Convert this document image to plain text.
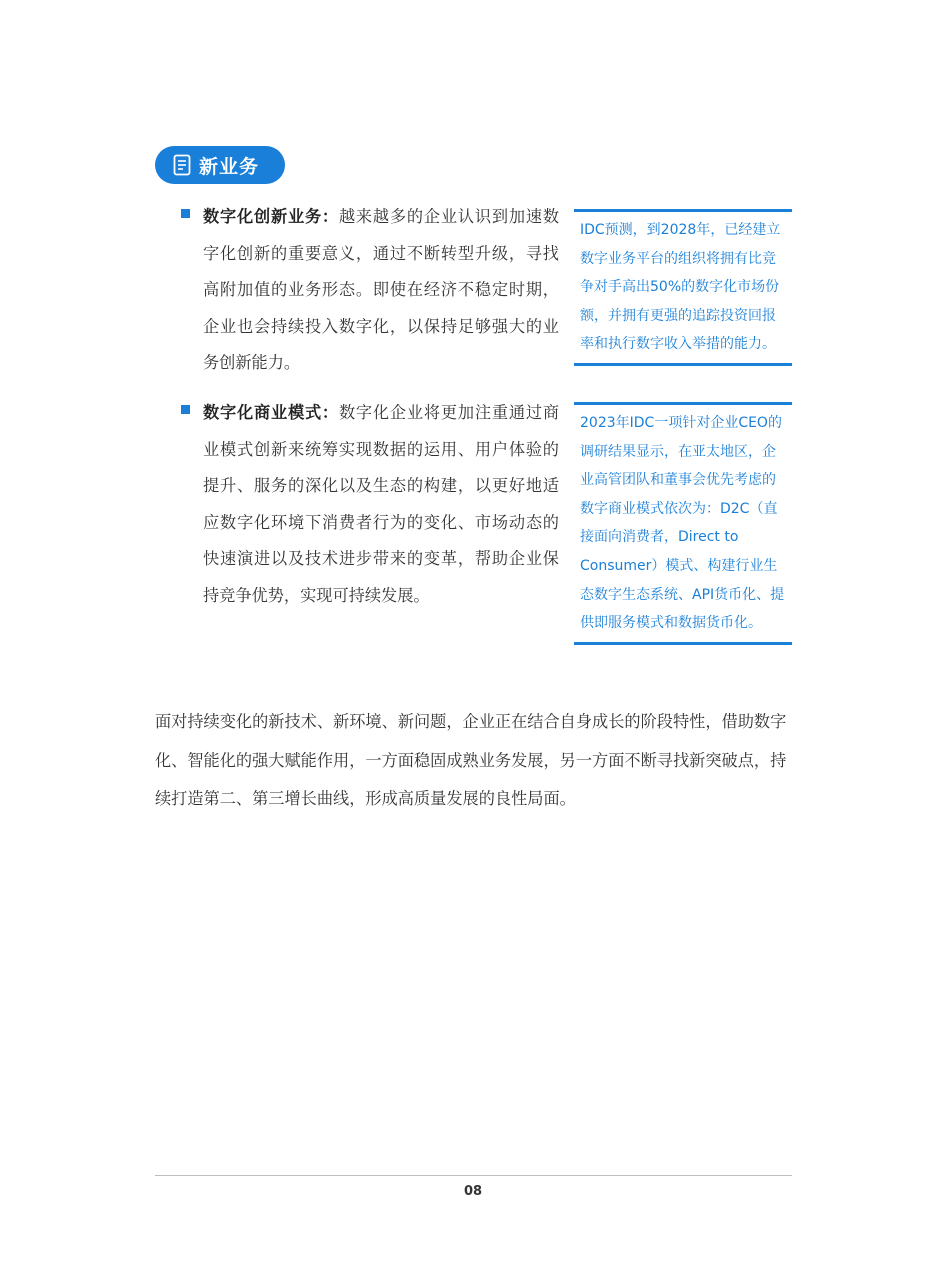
新业务
数字化创新业务：越来越多的企业认识到加速数字化创新的重要意义，通过不断转型升级，寻找高附加值的业务形态。即使在经济不稳定时期，企业也会持续投入数字化，以保持足够强大的业务创新能力。
IDC预测，到2028年，已经建立数字业务平台的组织将拥有比竞争对手高出50%的数字化市场份额，并拥有更强的追踪投资回报率和执行数字收入举措的能力。
数字化商业模式：数字化企业将更加注重通过商业模式创新来统筹实现数据的运用、用户体验的提升、服务的深化以及生态的构建，以更好地适应数字化环境下消费者行为的变化、市场动态的快速演进以及技术进步带来的变革，帮助企业保持竞争优势，实现可持续发展。
2023年IDC一项针对企业CEO的调研结果显示，在亚太地区，企业高管团队和董事会优先考虑的数字商业模式依次为：D2C（直接面向消费者，Direct to Consumer）模式、构建行业生态数字生态系统、API货币化、提供即服务模式和数据货币化。
面对持续变化的新技术、新环境、新问题，企业正在结合自身成长的阶段特性，借助数字化、智能化的强大赋能作用，一方面稳固成熟业务发展，另一方面不断寻找新突破点，持续打造第二、第三增长曲线，形成高质量发展的良性局面。
08
